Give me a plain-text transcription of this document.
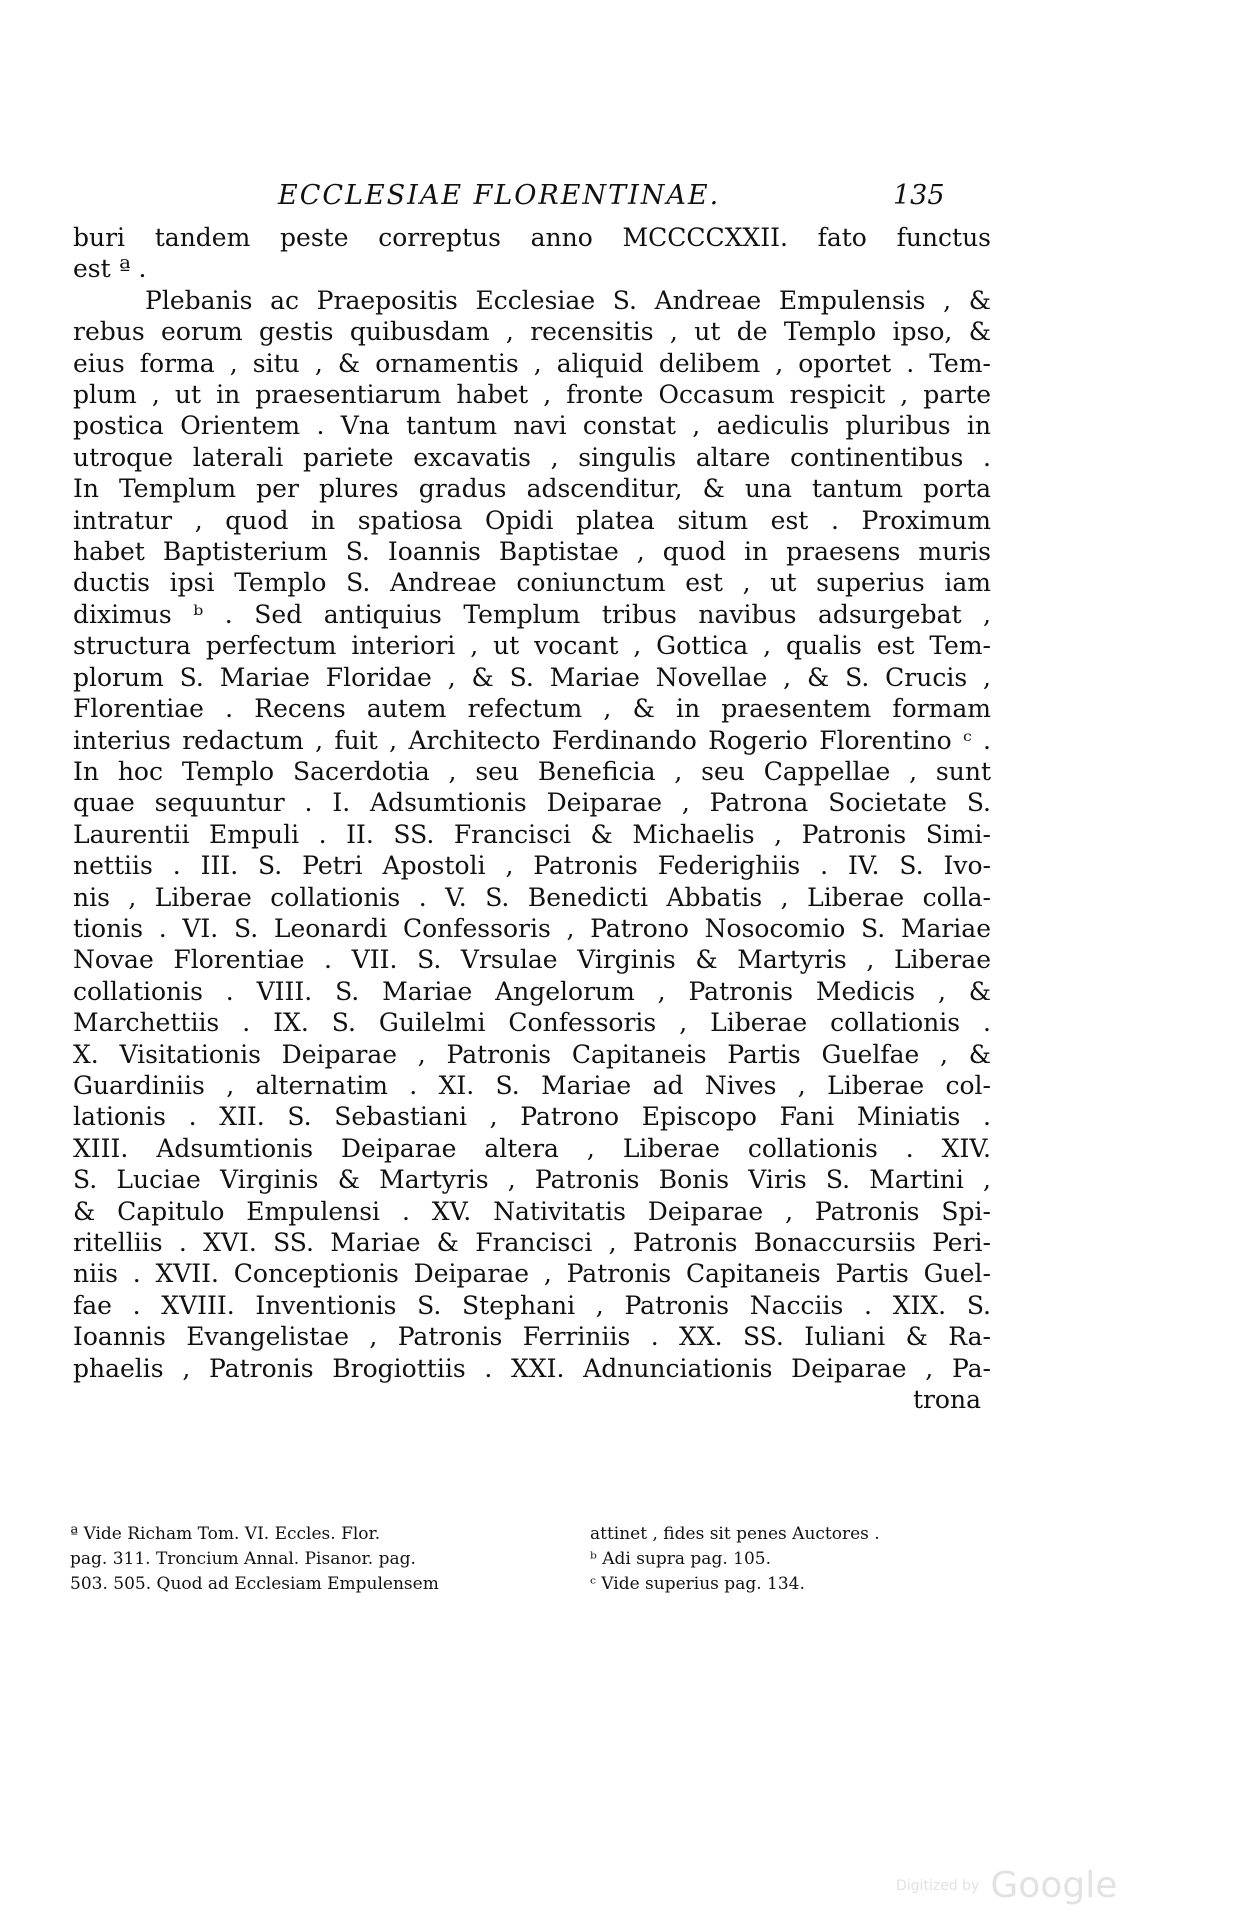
ECCLESIAE FLORENTINAE.	135
buri tandem peste correptus anno MCCCCXXII. fato functus
est ª .
Plebanis ac Praepositis Ecclesiae S. Andreae Empulensis , &
rebus eorum gestis quibusdam , recensitis , ut de Templo ipso, &
eius forma , situ , & ornamentis , aliquid delibem , oportet . Tem-
plum , ut in praesentiarum habet , fronte Occasum respicit , parte
postica Orientem . Vna tantum navi constat , aediculis pluribus in
utroque laterali pariete excavatis , singulis altare continentibus .
In Templum per plures gradus adscenditur, & una tantum porta
intratur , quod in spatiosa Opidi platea situm est . Proximum
habet Baptisterium S. Ioannis Baptistae , quod in praesens muris
ductis ipsi Templo S. Andreae coniunctum est , ut superius iam
diximus ᵇ . Sed antiquius Templum tribus navibus adsurgebat ,
structura perfectum interiori , ut vocant , Gottica , qualis est Tem-
plorum S. Mariae Floridae , & S. Mariae Novellae , & S. Crucis ,
Florentiae . Recens autem refectum , & in praesentem formam
interius redactum , fuit , Architecto Ferdinando Rogerio Florentino ᶜ .
In hoc Templo Sacerdotia , seu Beneficia , seu Cappellae , sunt
quae sequuntur . I. Adsumtionis Deiparae , Patrona Societate S.
Laurentii Empuli . II. SS. Francisci & Michaelis , Patronis Simi-
nettiis . III. S. Petri Apostoli , Patronis Federighiis . IV. S. Ivo-
nis , Liberae collationis . V. S. Benedicti Abbatis , Liberae colla-
tionis . VI. S. Leonardi Confessoris , Patrono Nosocomio S. Mariae
Novae Florentiae . VII. S. Vrsulae Virginis & Martyris , Liberae
collationis . VIII. S. Mariae Angelorum , Patronis Medicis , &
Marchettiis . IX. S. Guilelmi Confessoris , Liberae collationis .
X. Visitationis Deiparae , Patronis Capitaneis Partis Guelfae , &
Guardiniis , alternatim . XI. S. Mariae ad Nives , Liberae col-
lationis . XII. S. Sebastiani , Patrono Episcopo Fani Miniatis .
XIII. Adsumtionis Deiparae altera , Liberae collationis . XIV.
S. Luciae Virginis & Martyris , Patronis Bonis Viris S. Martini ,
& Capitulo Empulensi . XV. Nativitatis Deiparae , Patronis Spi-
ritelliis . XVI. SS. Mariae & Francisci , Patronis Bonaccursiis Peri-
niis . XVII. Conceptionis Deiparae , Patronis Capitaneis Partis Guel-
fae . XVIII. Inventionis S. Stephani , Patronis Nacciis . XIX. S.
Ioannis Evangelistae , Patronis Ferriniis . XX. SS. Iuliani & Ra-
phaelis , Patronis Brogiottiis . XXI. Adnunciationis Deiparae , Pa-
trona
ª Vide Richam Tom. VI. Eccles. Flor.	attinet , fides sit penes Auctores .
pag. 311. Troncium Annal. Pisanor. pag.	ᵇ Adi supra pag. 105.
503. 505. Quod ad Ecclesiam Empulensem	ᶜ Vide superius pag. 134.
Digitized by Google
